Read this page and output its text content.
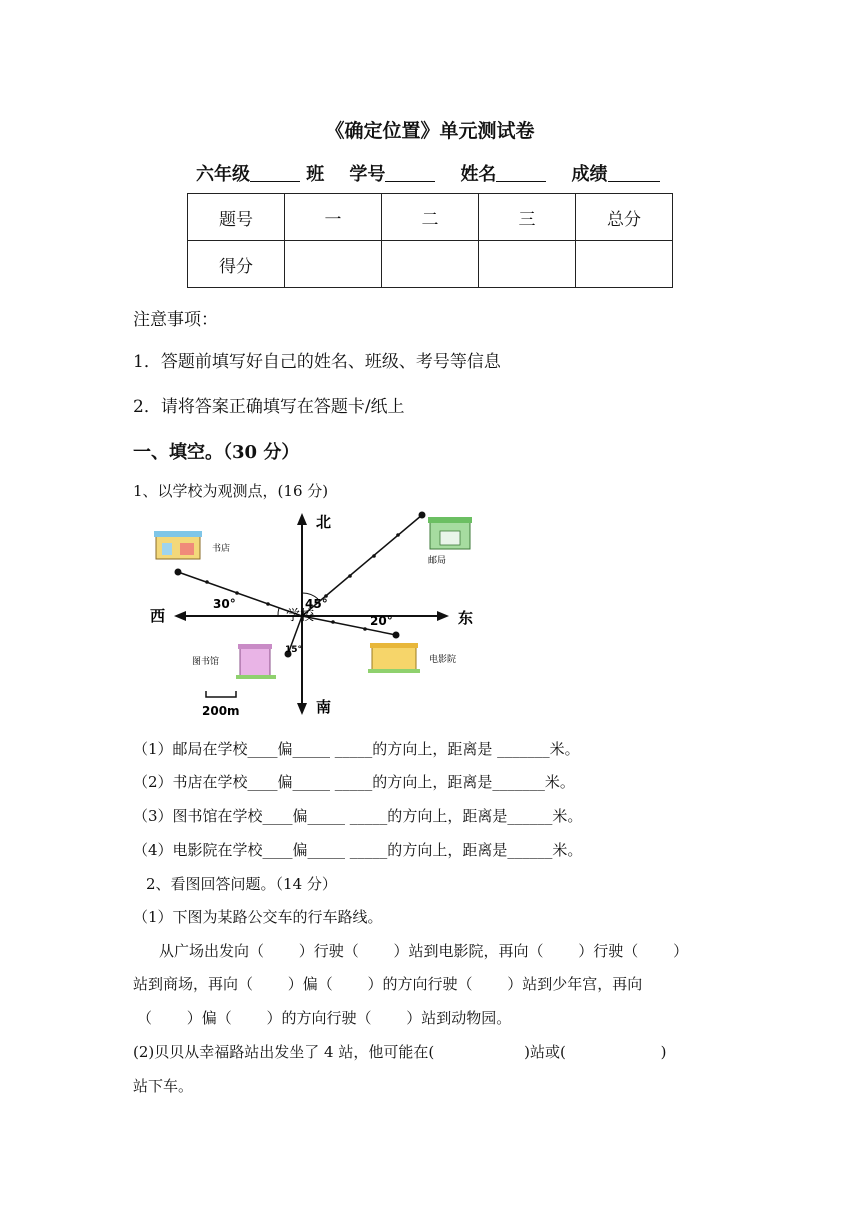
《确定位置》单元测试卷
六年级	班 学号	姓名	成绩
题号	一	二	三	总分
得分				
注意事项：
1．答题前填写好自己的姓名、班级、考号等信息
2．请将答案正确填写在答题卡/纸上
一、填空。（30 分）
1、以学校为观测点，(16 分)
北
南
西	东
学校
30°	45°
20°
15°
书店
邮局
图书馆	电影院
200m
（1）邮局在学校____偏_____ _____的方向上，距离是 _______米。
（2）书店在学校____偏_____ _____的方向上，距离是_______米。
（3）图书馆在学校____偏_____ _____的方向上，距离是______米。
（4）电影院在学校____偏_____ _____的方向上，距离是______米。
2、看图回答问题。（14 分）
（1）下图为某路公交车的行车路线。
从广场出发向（　　 ）行驶（　　 ）站到电影院，再向（　　 ）行驶（　　 ）
站到商场，再向（　　 ）偏（　　 ）的方向行驶（　　 ）站到少年宫，再向
（　　 ）偏（　　 ）的方向行驶（　　 ）站到动物园。
(2)贝贝从幸福路站出发坐了 4 站，他可能在(　　　　　　)站或(　　　　　　 )
站下车。
